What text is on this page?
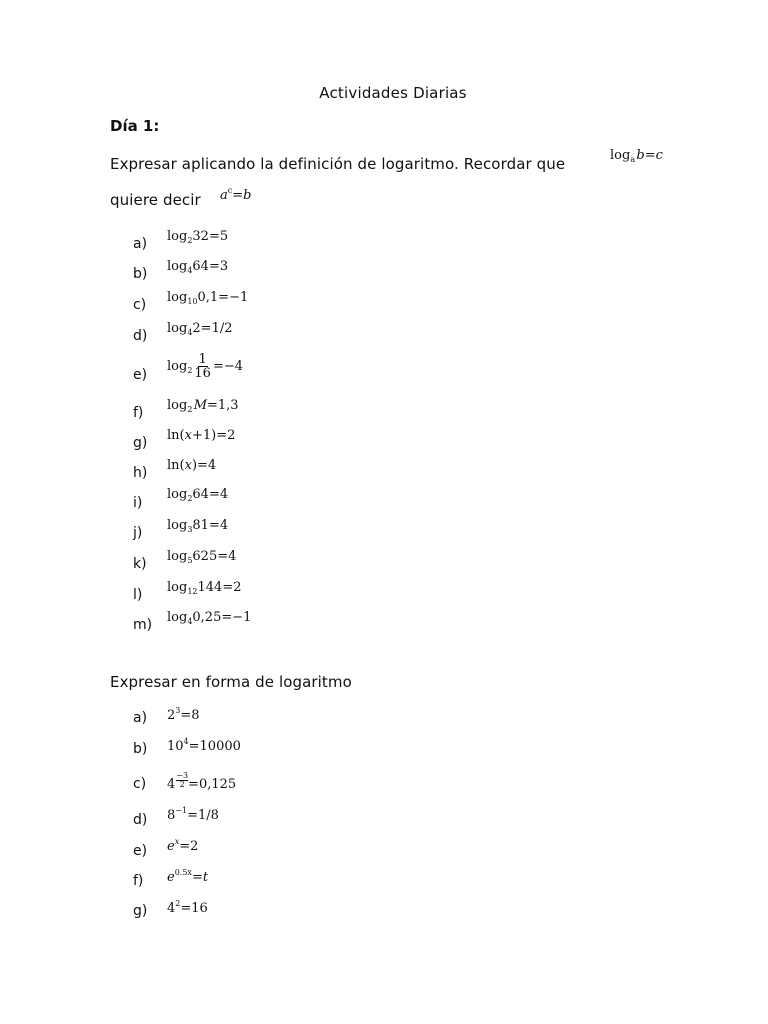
Actividades Diarias
Día 1:
Expresar aplicando la definición de logaritmo. Recordar que	$\log_a$ b=c
quiere decir $a^c=b$
a) $\log_232=5$
b) $\log_464=3$
c) $\log_{10}0,1=-1$
d) $\log_42=1/2$
e)
$\log_2 \frac{1}{16} =-4$
f) $\log_2$ M=1,3
g) ln(x+1)=2
h) ln(x)=4
i)
$\log_264=4$
j) $\log_381=4$
k) $\log_5625=4$
l) $\log_{12}144=2$
m) $\log_40,25=-1$
Expresar en forma de logaritmo
a) $2^3=8$
b) $10^4=10000$
c) $4 \frac{-3}{2} =0,125$
d) $8^{-1}=1/8$
e) $e^x=2$
f) $e^{0.5x}=t$
g) $4^2=16$
